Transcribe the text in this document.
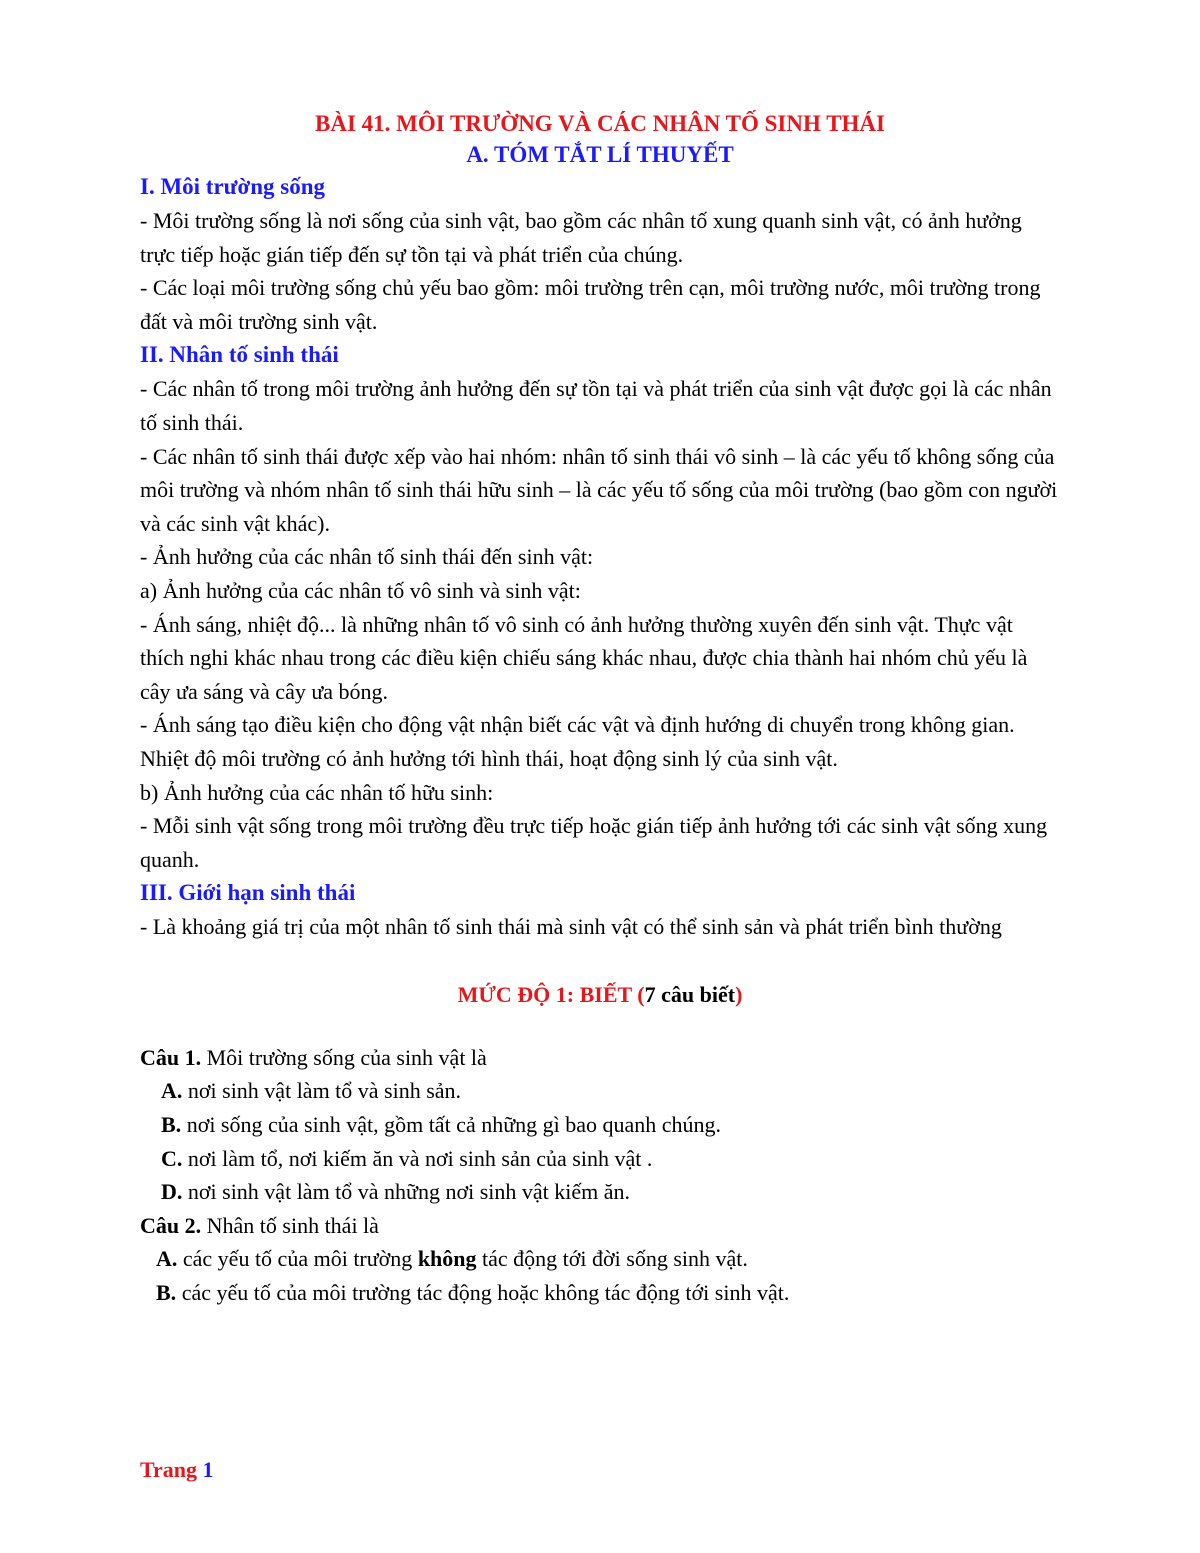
BÀI 41. MÔI TRƯỜNG VÀ CÁC NHÂN TỐ SINH THÁI

A. TÓM TẮT LÍ THUYẾT

I. Môi trường sống

- Môi trường sống là nơi sống của sinh vật, bao gồm các nhân tố xung quanh sinh vật, có ảnh hưởng trực tiếp hoặc gián tiếp đến sự tồn tại và phát triển của chúng.

- Các loại môi trường sống chủ yếu bao gồm: môi trường trên cạn, môi trường nước, môi trường trong đất và môi trường sinh vật.

II. Nhân tố sinh thái

- Các nhân tố trong môi trường ảnh hưởng đến sự tồn tại và phát triển của sinh vật được gọi là các nhân tố sinh thái.

- Các nhân tố sinh thái được xếp vào hai nhóm: nhân tố sinh thái vô sinh – là các yếu tố không sống của môi trường và nhóm nhân tố sinh thái hữu sinh – là các yếu tố sống của môi trường (bao gồm con người và các sinh vật khác).

- Ảnh hưởng của các nhân tố sinh thái đến sinh vật:

a) Ảnh hưởng của các nhân tố vô sinh và sinh vật:

- Ánh sáng, nhiệt độ... là những nhân tố vô sinh có ảnh hưởng thường xuyên đến sinh vật. Thực vật thích nghi khác nhau trong các điều kiện chiếu sáng khác nhau, được chia thành hai nhóm chủ yếu là cây ưa sáng và cây ưa bóng.

- Ánh sáng tạo điều kiện cho động vật nhận biết các vật và định hướng di chuyển trong không gian. Nhiệt độ môi trường có ảnh hưởng tới hình thái, hoạt động sinh lý của sinh vật.

b) Ảnh hưởng của các nhân tố hữu sinh:

- Mỗi sinh vật sống trong môi trường đều trực tiếp hoặc gián tiếp ảnh hưởng tới các sinh vật sống xung quanh.

III. Giới hạn sinh thái

- Là khoảng giá trị của một nhân tố sinh thái mà sinh vật có thể sinh sản và phát triển bình thường

MỨC ĐỘ 1: BIẾT (7 câu biết)

Câu 1. Môi trường sống của sinh vật là

A. nơi sinh vật làm tổ và sinh sản.

B. nơi sống của sinh vật, gồm tất cả những gì bao quanh chúng.

C. nơi làm tổ, nơi kiếm ăn và nơi sinh sản của sinh vật .

D. nơi sinh vật làm tổ và những nơi sinh vật kiếm ăn.

Câu 2. Nhân tố sinh thái là

A. các yếu tố của môi trường không tác động tới đời sống sinh vật.

B. các yếu tố của môi trường tác động hoặc không tác động tới sinh vật.

Trang 1
